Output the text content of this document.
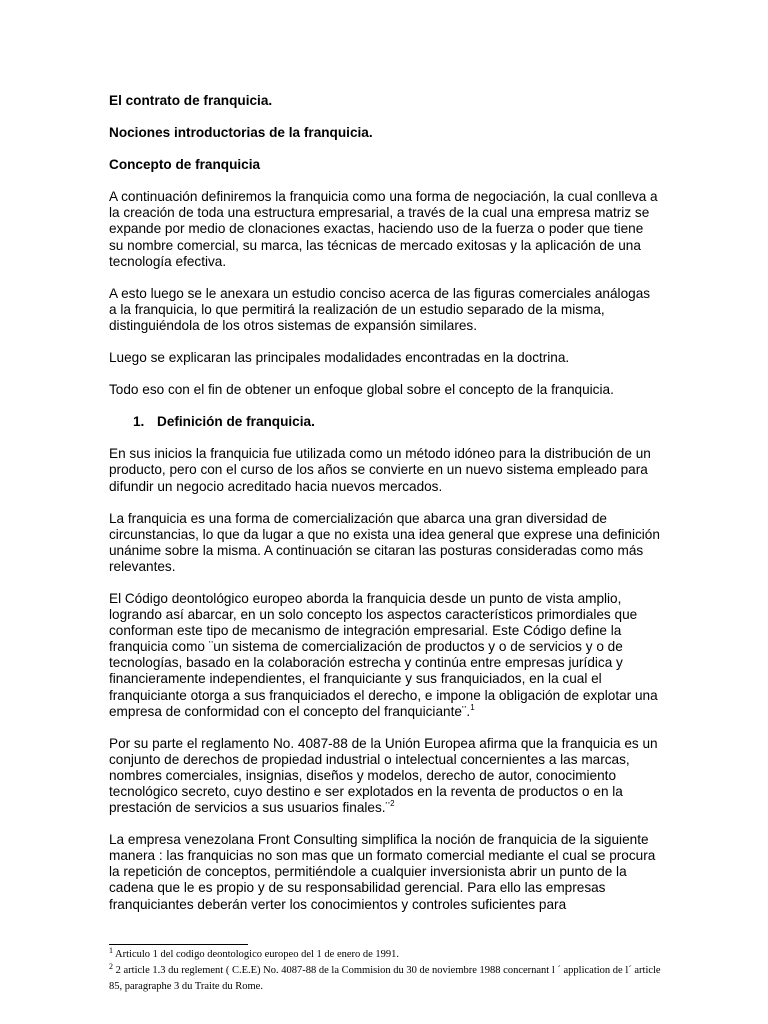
El contrato de franquicia.
Nociones introductorias de la franquicia.
Concepto de franquicia

A continuación definiremos la franquicia como una forma de negociación, la cual conlleva a la creación de toda una estructura empresarial, a través de la cual una empresa matriz se expande por medio de clonaciones exactas, haciendo uso de la fuerza o poder que tiene su nombre comercial, su marca, las técnicas de mercado exitosas y la aplicación de una tecnología efectiva.

A esto luego se le anexara un estudio conciso acerca de las figuras comerciales análogas a la franquicia, lo que permitirá la realización de un estudio separado de la misma, distinguiéndola de los otros sistemas de expansión similares.

Luego se explicaran las principales modalidades encontradas en la doctrina.

Todo eso con el fin de obtener un enfoque global sobre el concepto de la franquicia.

1. Definición de franquicia.

En sus inicios la franquicia fue utilizada como un método idóneo para la distribución de un producto, pero con el curso de los años se convierte en un nuevo sistema empleado para difundir un negocio acreditado hacia nuevos mercados.

La franquicia es una forma de comercialización que abarca una gran diversidad de circunstancias, lo que da lugar a que no exista una idea general que exprese una definición unánime sobre la misma. A continuación se citaran las posturas consideradas como más relevantes.

El Código deontológico europeo aborda la franquicia desde un punto de vista amplio, logrando así abarcar, en un solo concepto los aspectos característicos primordiales que conforman este tipo de mecanismo de integración empresarial. Este Código define la franquicia como ¨un sistema de comercialización de productos y o de servicios y o de tecnologías, basado en la colaboración estrecha y continúa entre empresas jurídica y financieramente independientes, el franquiciante y sus franquiciados, en la cual el franquiciante otorga a sus franquiciados el derecho, e impone la obligación de explotar una empresa de conformidad con el concepto del franquiciante¨.$^1$

Por su parte el reglamento No. 4087-88 de la Unión Europea afirma que la franquicia es un conjunto de derechos de propiedad industrial o intelectual concernientes a las marcas, nombres comerciales, insignias, diseños y modelos, derecho de autor, conocimiento tecnológico secreto, cuyo destino e ser explotados en la reventa de productos o en la prestación de servicios a sus usuarios finales.¨$^2$

La empresa venezolana Front Consulting simplifica la noción de franquicia de la siguiente manera : las franquicias no son mas que un formato comercial mediante el cual se procura la repetición de conceptos, permitiéndole a cualquier inversionista abrir un punto de la cadena que le es propio y de su responsabilidad gerencial. Para ello las empresas franquiciantes deberán verter los conocimientos y controles suficientes para

$^1$ Articulo 1 del codigo deontologico europeo del 1 de enero de 1991.
$^2$ 2 article 1.3 du reglement ( C.E.E) No. 4087-88 de la Commision du 30 de noviembre 1988 concernant l ´ application de l´ article 85, paragraphe 3 du Traite du Rome.
